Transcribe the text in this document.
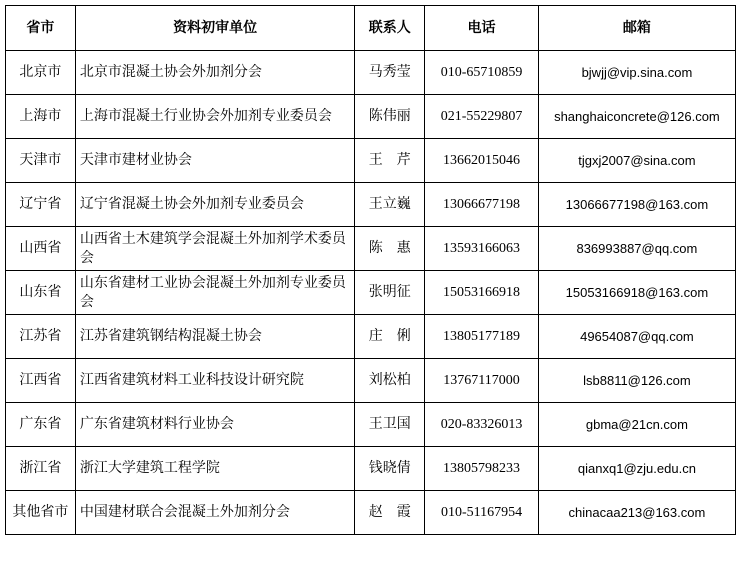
省市	资料初审单位	联系人	电话	邮箱
北京市	北京市混凝土协会外加剂分会	马秀莹	010-65710859	bjwjj@vip.sina.com
上海市	上海市混凝土行业协会外加剂专业委员会	陈伟丽	021-55229807	shanghaiconcrete@126.com
天津市	天津市建材业协会	王　芹	13662015046	tjgxj2007@sina.com
辽宁省	辽宁省混凝土协会外加剂专业委员会	王立巍	13066677198	13066677198@163.com
山西省	山西省土木建筑学会混凝土外加剂学术委员会	陈　惠	13593166063	836993887@qq.com
山东省	山东省建材工业协会混凝土外加剂专业委员会	张明征	15053166918	15053166918@163.com
江苏省	江苏省建筑钢结构混凝土协会	庄　俐	13805177189	49654087@qq.com
江西省	江西省建筑材料工业科技设计研究院	刘松柏	13767117000	lsb8811@126.com
广东省	广东省建筑材料行业协会	王卫国	020-83326013	gbma@21cn.com
浙江省	浙江大学建筑工程学院	钱晓倩	13805798233	qianxq1@zju.edu.cn
其他省市	中国建材联合会混凝土外加剂分会	赵　霞	010-51167954	chinacaa213@163.com
